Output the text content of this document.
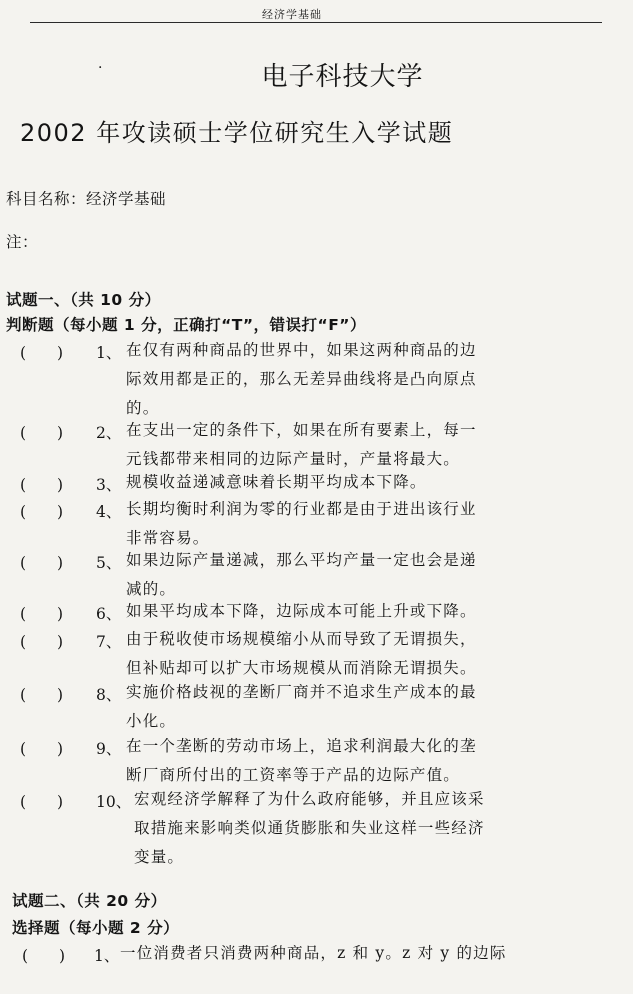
经济学基础
·	电子科技大学
2002 年攻读硕士学位研究生入学试题
科目名称：经济学基础
注：
试题一、（共 10 分）
判断题（每小题 1 分，正确打“T”，错误打“F”）
(　　) 1、 在仅有两种商品的世界中，如果这两种商品的边
际效用都是正的，那么无差异曲线将是凸向原点
的。
(　　) 2、 在支出一定的条件下，如果在所有要素上，每一
元钱都带来相同的边际产量时，产量将最大。
(　　) 3、 规模收益递减意味着长期平均成本下降。
(　　) 4、 长期均衡时利润为零的行业都是由于进出该行业
非常容易。
(　　) 5、 如果边际产量递减，那么平均产量一定也会是递
减的。
(　　) 6、 如果平均成本下降，边际成本可能上升或下降。
(　　) 7、 由于税收使市场规模缩小从而导致了无谓损失，
但补贴却可以扩大市场规模从而消除无谓损失。
(　　) 8、 实施价格歧视的垄断厂商并不追求生产成本的最
小化。
(　　) 9、 在一个垄断的劳动市场上，追求利润最大化的垄
断厂商所付出的工资率等于产品的边际产值。
(　　) 10、 宏观经济学解释了为什么政府能够，并且应该采
取措施来影响类似通货膨胀和失业这样一些经济
变量。
试题二、（共 20 分）
选择题（每小题 2 分）
(　　) 1、 一位消费者只消费两种商品，z 和 y。z 对 y 的边际
